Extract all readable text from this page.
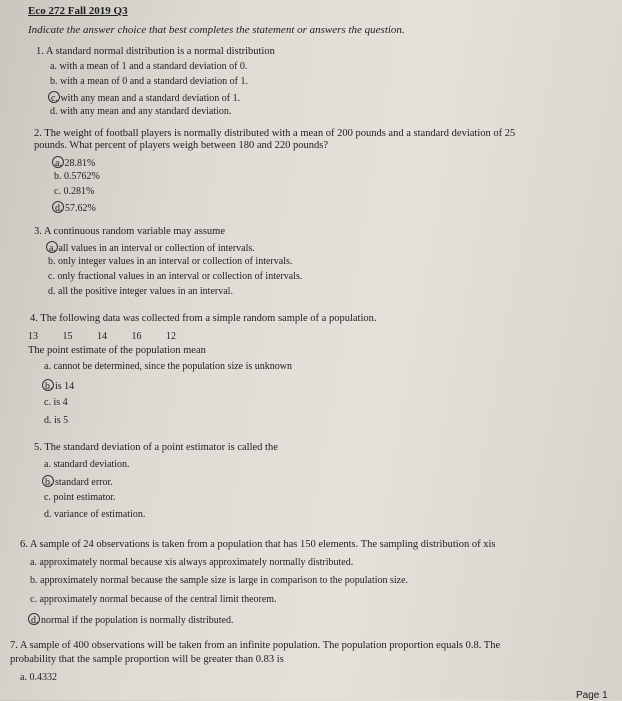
Eco 272 Fall 2019 Q3
Indicate the answer choice that best completes the statement or answers the question.
1. A standard normal distribution is a normal distribution
a. with a mean of 1 and a standard deviation of 0.
b. with a mean of 0 and a standard deviation of 1.
c. with any mean and a standard deviation of 1.
d. with any mean and any standard deviation.
2. The weight of football players is normally distributed with a mean of 200 pounds and a standard deviation of 25
pounds. What percent of players weigh between 180 and 220 pounds?
a. 28.81%
b. 0.5762%
c. 0.281%
d. 57.62%
3. A continuous random variable may assume
a. all values in an interval or collection of intervals.
b. only integer values in an interval or collection of intervals.
c. only fractional values in an interval or collection of intervals.
d. all the positive integer values in an interval.
4. The following data was collected from a simple random sample of a population.
13 15 14 16 12
The point estimate of the population mean
a. cannot be determined, since the population size is unknown
b. is 14
c. is 4
d. is 5
5. The standard deviation of a point estimator is called the
a. standard deviation.
b. standard error.
c. point estimator.
d. variance of estimation.
6. A sample of 24 observations is taken from a population that has 150 elements. The sampling distribution of xis
a. approximately normal because xis always approximately normally distributed.
b. approximately normal because the sample size is large in comparison to the population size.
c. approximately normal because of the central limit theorem.
d. normal if the population is normally distributed.
7. A sample of 400 observations will be taken from an infinite population. The population proportion equals 0.8. The
probability that the sample proportion will be greater than 0.83 is
a. 0.4332
Page 1
